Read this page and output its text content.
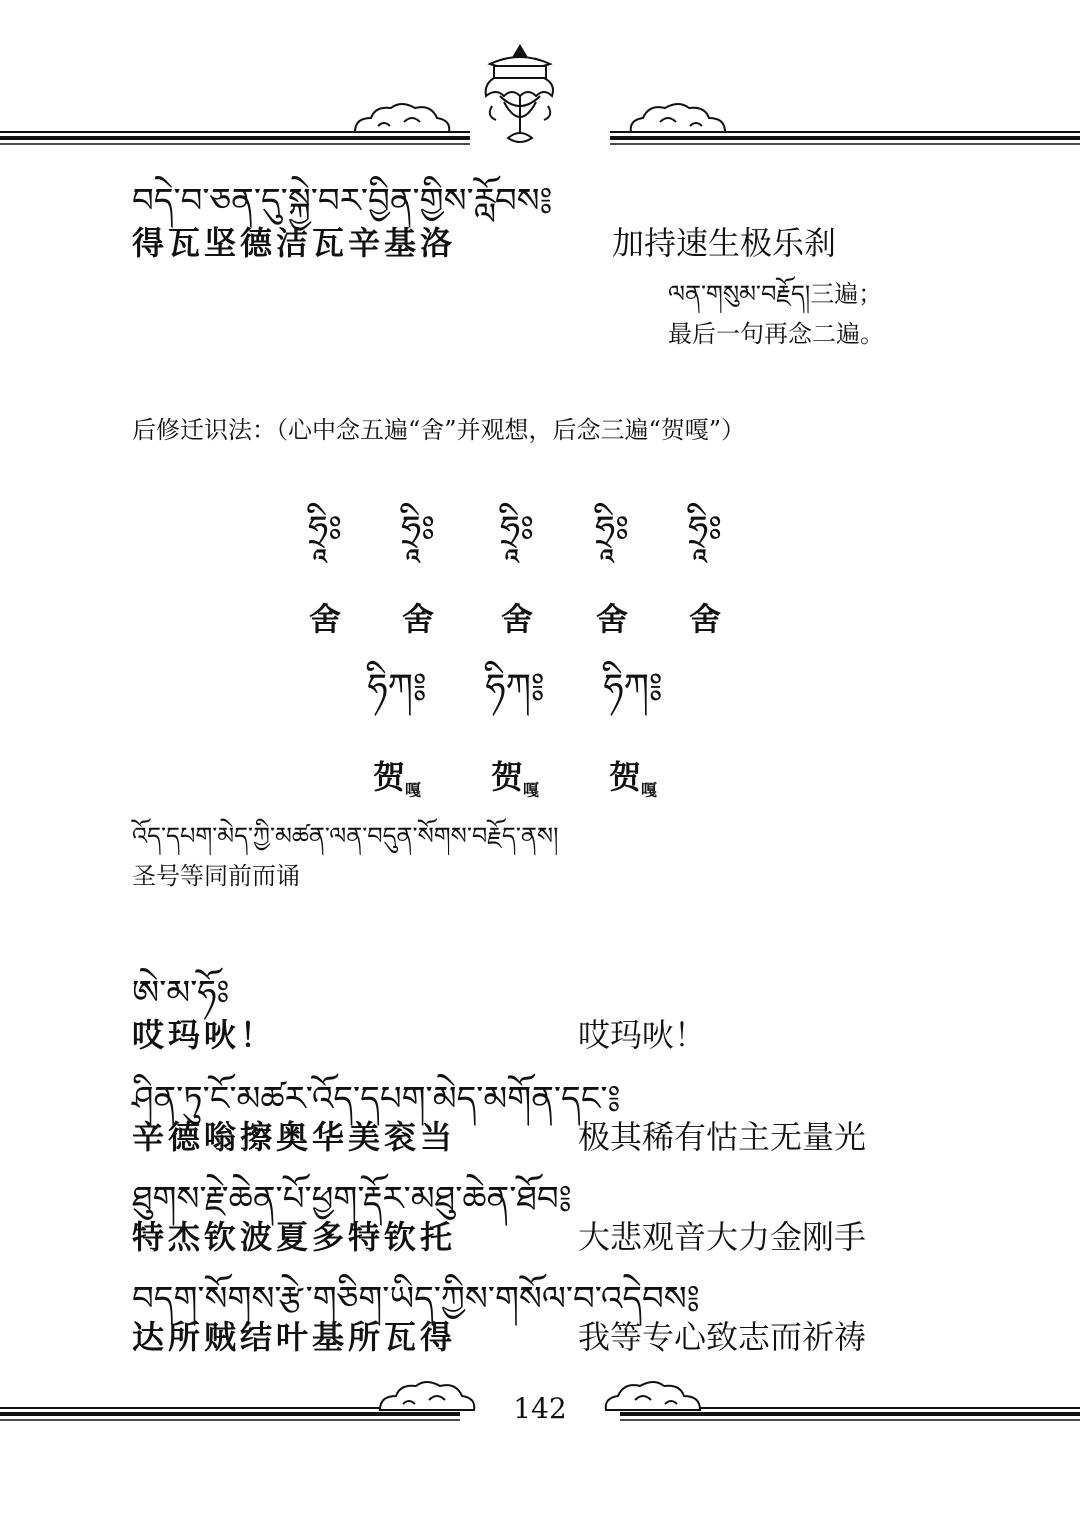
བདེ་བ་ཅན་དུ་སྐྱེ་བར་བྱིན་གྱིས་རློབས༔
得瓦坚德洁瓦辛基洛	加持速生极乐刹
ལན་གསུམ་བརྗོད།三遍；
最后一句再念二遍。
后修迁识法：（心中念五遍“舍”并观想，后念三遍“贺嘎”）
ཧྲཱིཿ
舍
ཧྲཱིཿ
舍
ཧྲཱིཿ
舍
ཧྲཱིཿ
舍
ཧྲཱིཿ
舍
ཧིཀ༔
贺$_嘎$
ཧིཀ༔
贺$_嘎$
ཧིཀ༔
贺$_嘎$
འོད་དཔག་མེད་ཀྱི་མཚན་ལན་བདུན་སོགས་བརྗོད་ནས།
圣号等同前而诵
ཨེ་མ་ཧོཿ
哎玛吙！	哎玛吙！
ཤིན་ཏུ་ངོ་མཚར་འོད་དཔག་མེད་མགོན་དང་༔
辛德嗡擦奥华美衮当	极其稀有怙主无量光
ཐུགས་རྗེ་ཆེན་པོ་ཕྱག་རྡོར་མཐུ་ཆེན་ཐོབ༔
特杰钦波夏多特钦托	大悲观音大力金刚手
བདག་སོགས་རྩེ་གཅིག་ཡིད་ཀྱིས་གསོལ་བ་འདེབས༔
达所贼结叶基所瓦得	我等专心致志而祈祷
142
